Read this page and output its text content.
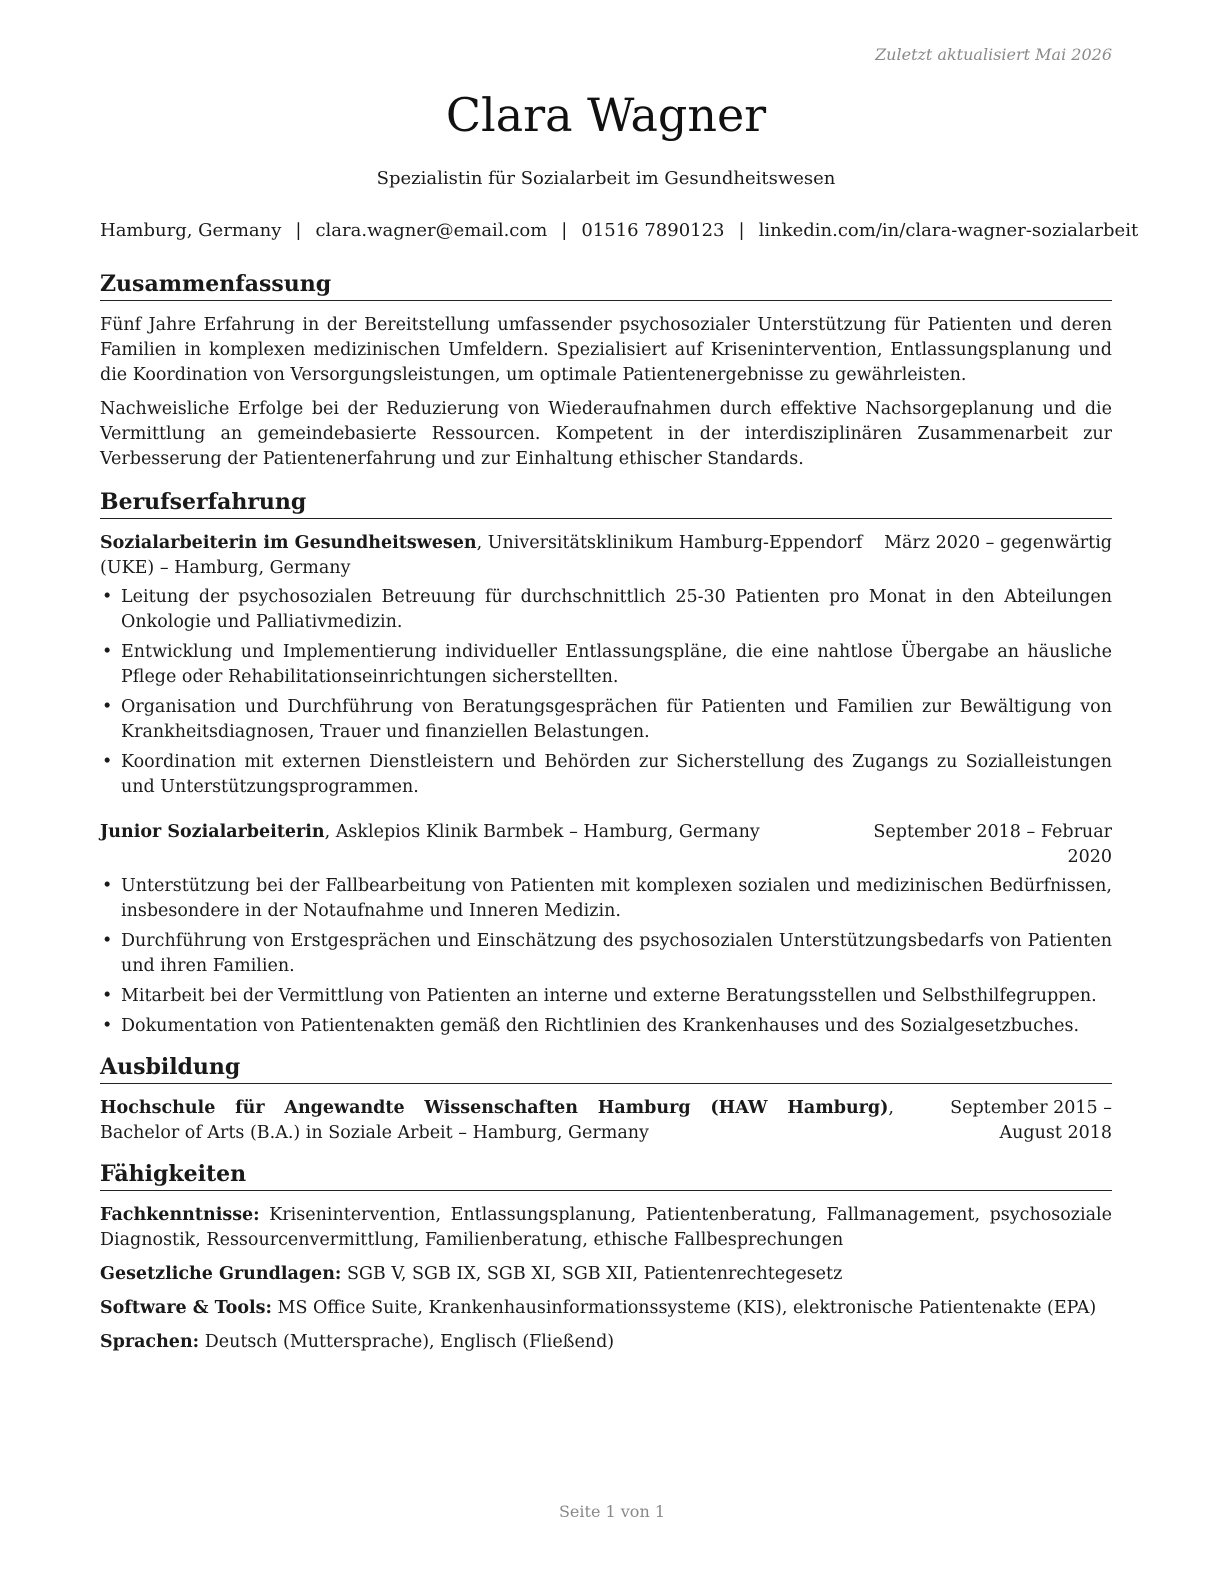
Zuletzt aktualisiert Mai 2026
Clara Wagner
Spezialistin für Sozialarbeit im Gesundheitswesen
Hamburg, Germany | clara.wagner@email.com | 01516 7890123 | linkedin.com/in/clara-wagner-sozialarbeit
Zusammenfassung

Fünf Jahre Erfahrung in der Bereitstellung umfassender psychosozialer Unterstützung für Patienten und deren Familien in komplexen medizinischen Umfeldern. Spezialisiert auf Krisenintervention, Entlassungsplanung und die Koordination von Versorgungsleistungen, um optimale Patientenergebnisse zu gewährleisten.

Nachweisliche Erfolge bei der Reduzierung von Wiederaufnahmen durch effektive Nachsorgeplanung und die Vermittlung an gemeindebasierte Ressourcen. Kompetent in der interdisziplinären Zusammenarbeit zur Verbesserung der Patientenerfahrung und zur Einhaltung ethischer Standards.

Berufserfahrung
Sozialarbeiterin im Gesundheitswesen, Universitätsklinikum Hamburg-Eppendorf (UKE) – Hamburg, Germany
März 2020 – gegenwärtig
• Leitung der psychosozialen Betreuung für durchschnittlich 25-30 Patienten pro Monat in den Abteilungen Onkologie und Palliativmedizin.
• Entwicklung und Implementierung individueller Entlassungspläne, die eine nahtlose Übergabe an häusliche Pflege oder Rehabilitationseinrichtungen sicherstellten.
• Organisation und Durchführung von Beratungsgesprächen für Patienten und Familien zur Bewältigung von Krankheitsdiagnosen, Trauer und finanziellen Belastungen.
• Koordination mit externen Dienstleistern und Behörden zur Sicherstellung des Zugangs zu Sozialleistungen und Unterstützungsprogrammen.
Junior Sozialarbeiterin, Asklepios Klinik Barmbek – Hamburg, Germany	September 2018 – Februar 2020
• Unterstützung bei der Fallbearbeitung von Patienten mit komplexen sozialen und medizinischen Bedürfnissen, insbesondere in der Notaufnahme und Inneren Medizin.
• Durchführung von Erstgesprächen und Einschätzung des psychosozialen Unterstützungsbedarfs von Patienten und ihren Familien.
• Mitarbeit bei der Vermittlung von Patienten an interne und externe Beratungsstellen und Selbsthilfegruppen.
• Dokumentation von Patientenakten gemäß den Richtlinien des Krankenhauses und des Sozialgesetzbuches.
Ausbildung
Hochschule für Angewandte Wissenschaften Hamburg (HAW Hamburg), Bachelor of Arts (B.A.) in Soziale Arbeit – Hamburg, Germany
September 2015 – August 2018
Fähigkeiten

Fachkenntnisse: Krisenintervention, Entlassungsplanung, Patientenberatung, Fallmanagement, psychosoziale Diagnostik, Ressourcenvermittlung, Familienberatung, ethische Fallbesprechungen

Gesetzliche Grundlagen: SGB V, SGB IX, SGB XI, SGB XII, Patientenrechtegesetz

Software & Tools: MS Office Suite, Krankenhausinformationssysteme (KIS), elektronische Patientenakte (EPA)

Sprachen: Deutsch (Muttersprache), Englisch (Fließend)

Seite 1 von 1
